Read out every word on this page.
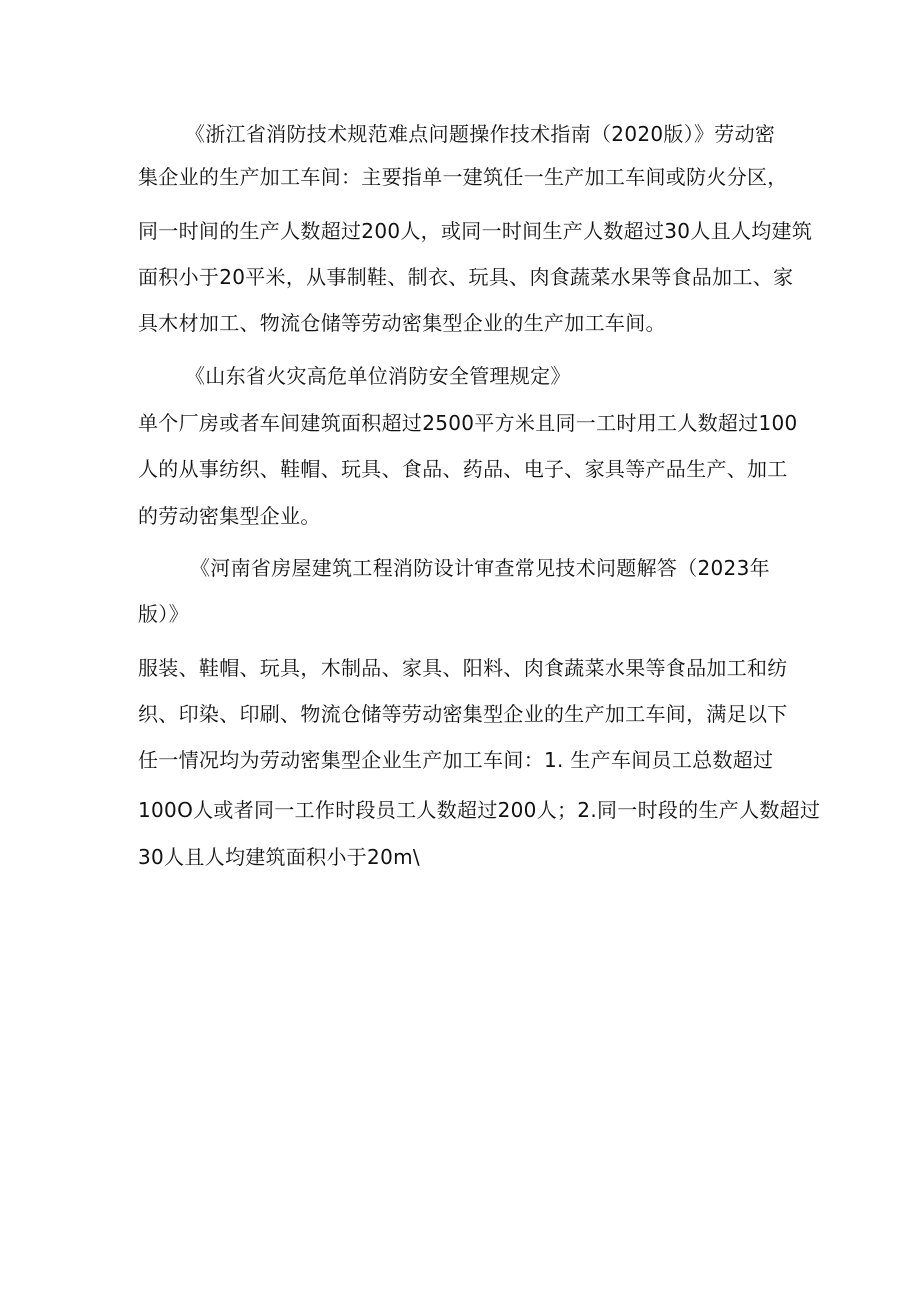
《浙江省消防技术规范难点问题操作技术指南（2020版）》劳动密
集企业的生产加工车间：主要指单一建筑任一生产加工车间或防火分区，
同一时间的生产人数超过200人，或同一时间生产人数超过30人且人均建筑
面积小于20平米，从事制鞋、制衣、玩具、肉食蔬菜水果等食品加工、家
具木材加工、物流仓储等劳动密集型企业的生产加工车间。
《山东省火灾高危单位消防安全管理规定》
单个厂房或者车间建筑面积超过2500平方米且同一工时用工人数超过100
人的从事纺织、鞋帽、玩具、食品、药品、电子、家具等产品生产、加工
的劳动密集型企业。
《河南省房屋建筑工程消防设计审查常见技术问题解答（2023年
版）》
服装、鞋帽、玩具，木制品、家具、阳料、肉食蔬菜水果等食品加工和纺
织、印染、印刷、物流仓储等劳动密集型企业的生产加工车间，满足以下
任一情况均为劳动密集型企业生产加工车间：1. 生产车间员工总数超过
100O人或者同一工作时段员工人数超过200人；2.同一时段的生产人数超过
30人且人均建筑面积小于20m\
